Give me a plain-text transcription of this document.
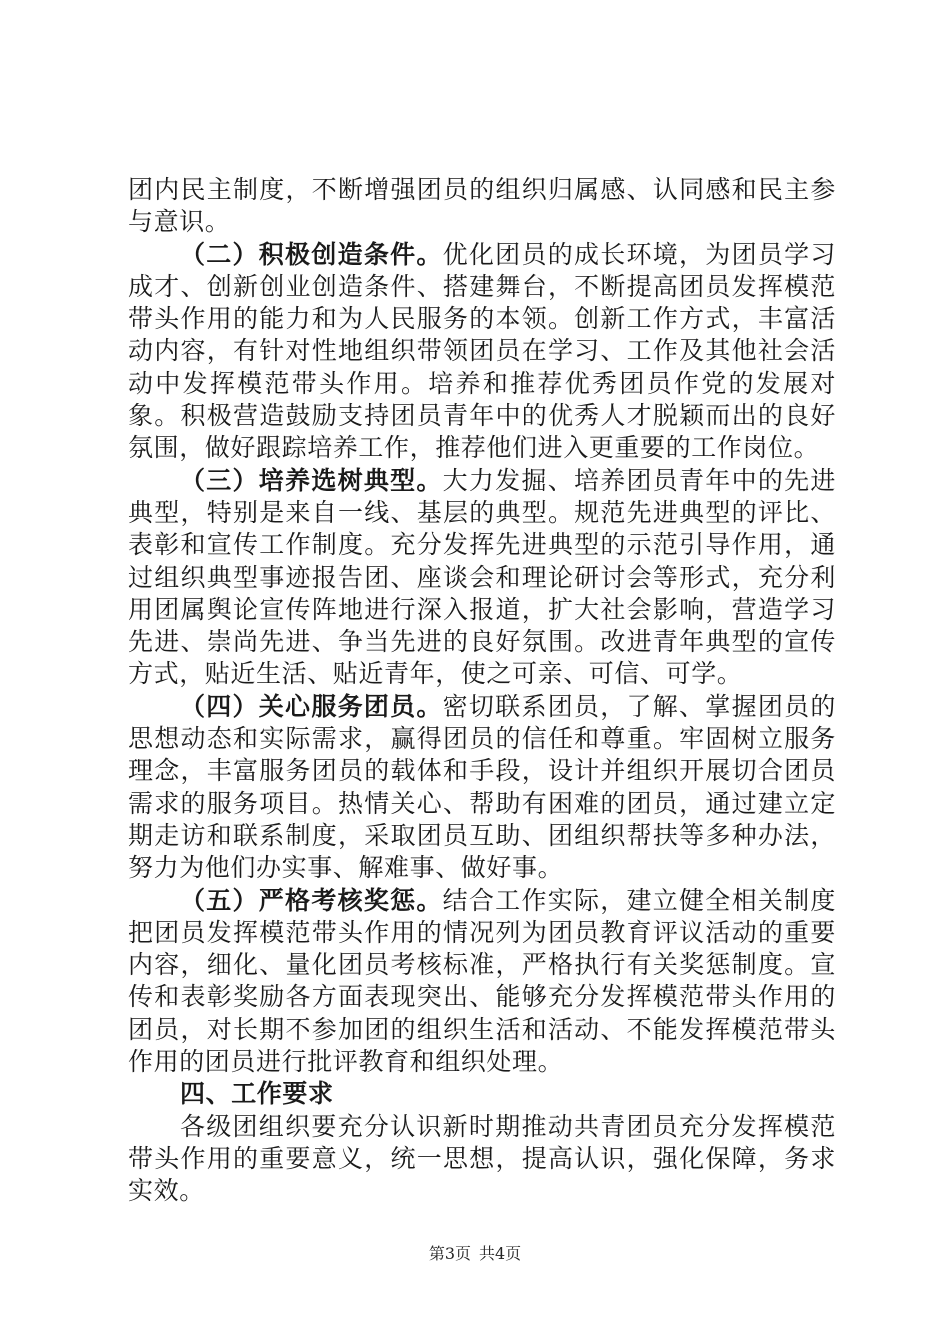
团内民主制度，不断增强团员的组织归属感、认同感和民主参与意识。

（二）积极创造条件。优化团员的成长环境，为团员学习成才、创新创业创造条件、搭建舞台，不断提高团员发挥模范带头作用的能力和为人民服务的本领。创新工作方式，丰富活动内容，有针对性地组织带领团员在学习、工作及其他社会活动中发挥模范带头作用。培养和推荐优秀团员作党的发展对象。积极营造鼓励支持团员青年中的优秀人才脱颖而出的良好氛围，做好跟踪培养工作，推荐他们进入更重要的工作岗位。

（三）培养选树典型。大力发掘、培养团员青年中的先进典型，特别是来自一线、基层的典型。规范先进典型的评比、表彰和宣传工作制度。充分发挥先进典型的示范引导作用，通过组织典型事迹报告团、座谈会和理论研讨会等形式，充分利用团属舆论宣传阵地进行深入报道，扩大社会影响，营造学习先进、崇尚先进、争当先进的良好氛围。改进青年典型的宣传方式，贴近生活、贴近青年，使之可亲、可信、可学。

（四）关心服务团员。密切联系团员，了解、掌握团员的思想动态和实际需求，赢得团员的信任和尊重。牢固树立服务理念，丰富服务团员的载体和手段，设计并组织开展切合团员需求的服务项目。热情关心、帮助有困难的团员，通过建立定期走访和联系制度，采取团员互助、团组织帮扶等多种办法，努力为他们办实事、解难事、做好事。

（五）严格考核奖惩。结合工作实际，建立健全相关制度把团员发挥模范带头作用的情况列为团员教育评议活动的重要内容，细化、量化团员考核标准，严格执行有关奖惩制度。宣传和表彰奖励各方面表现突出、能够充分发挥模范带头作用的团员，对长期不参加团的组织生活和活动、不能发挥模范带头作用的团员进行批评教育和组织处理。

四、工作要求

各级团组织要充分认识新时期推动共青团员充分发挥模范带头作用的重要意义，统一思想，提高认识，强化保障，务求实效。

第3页 共4页
